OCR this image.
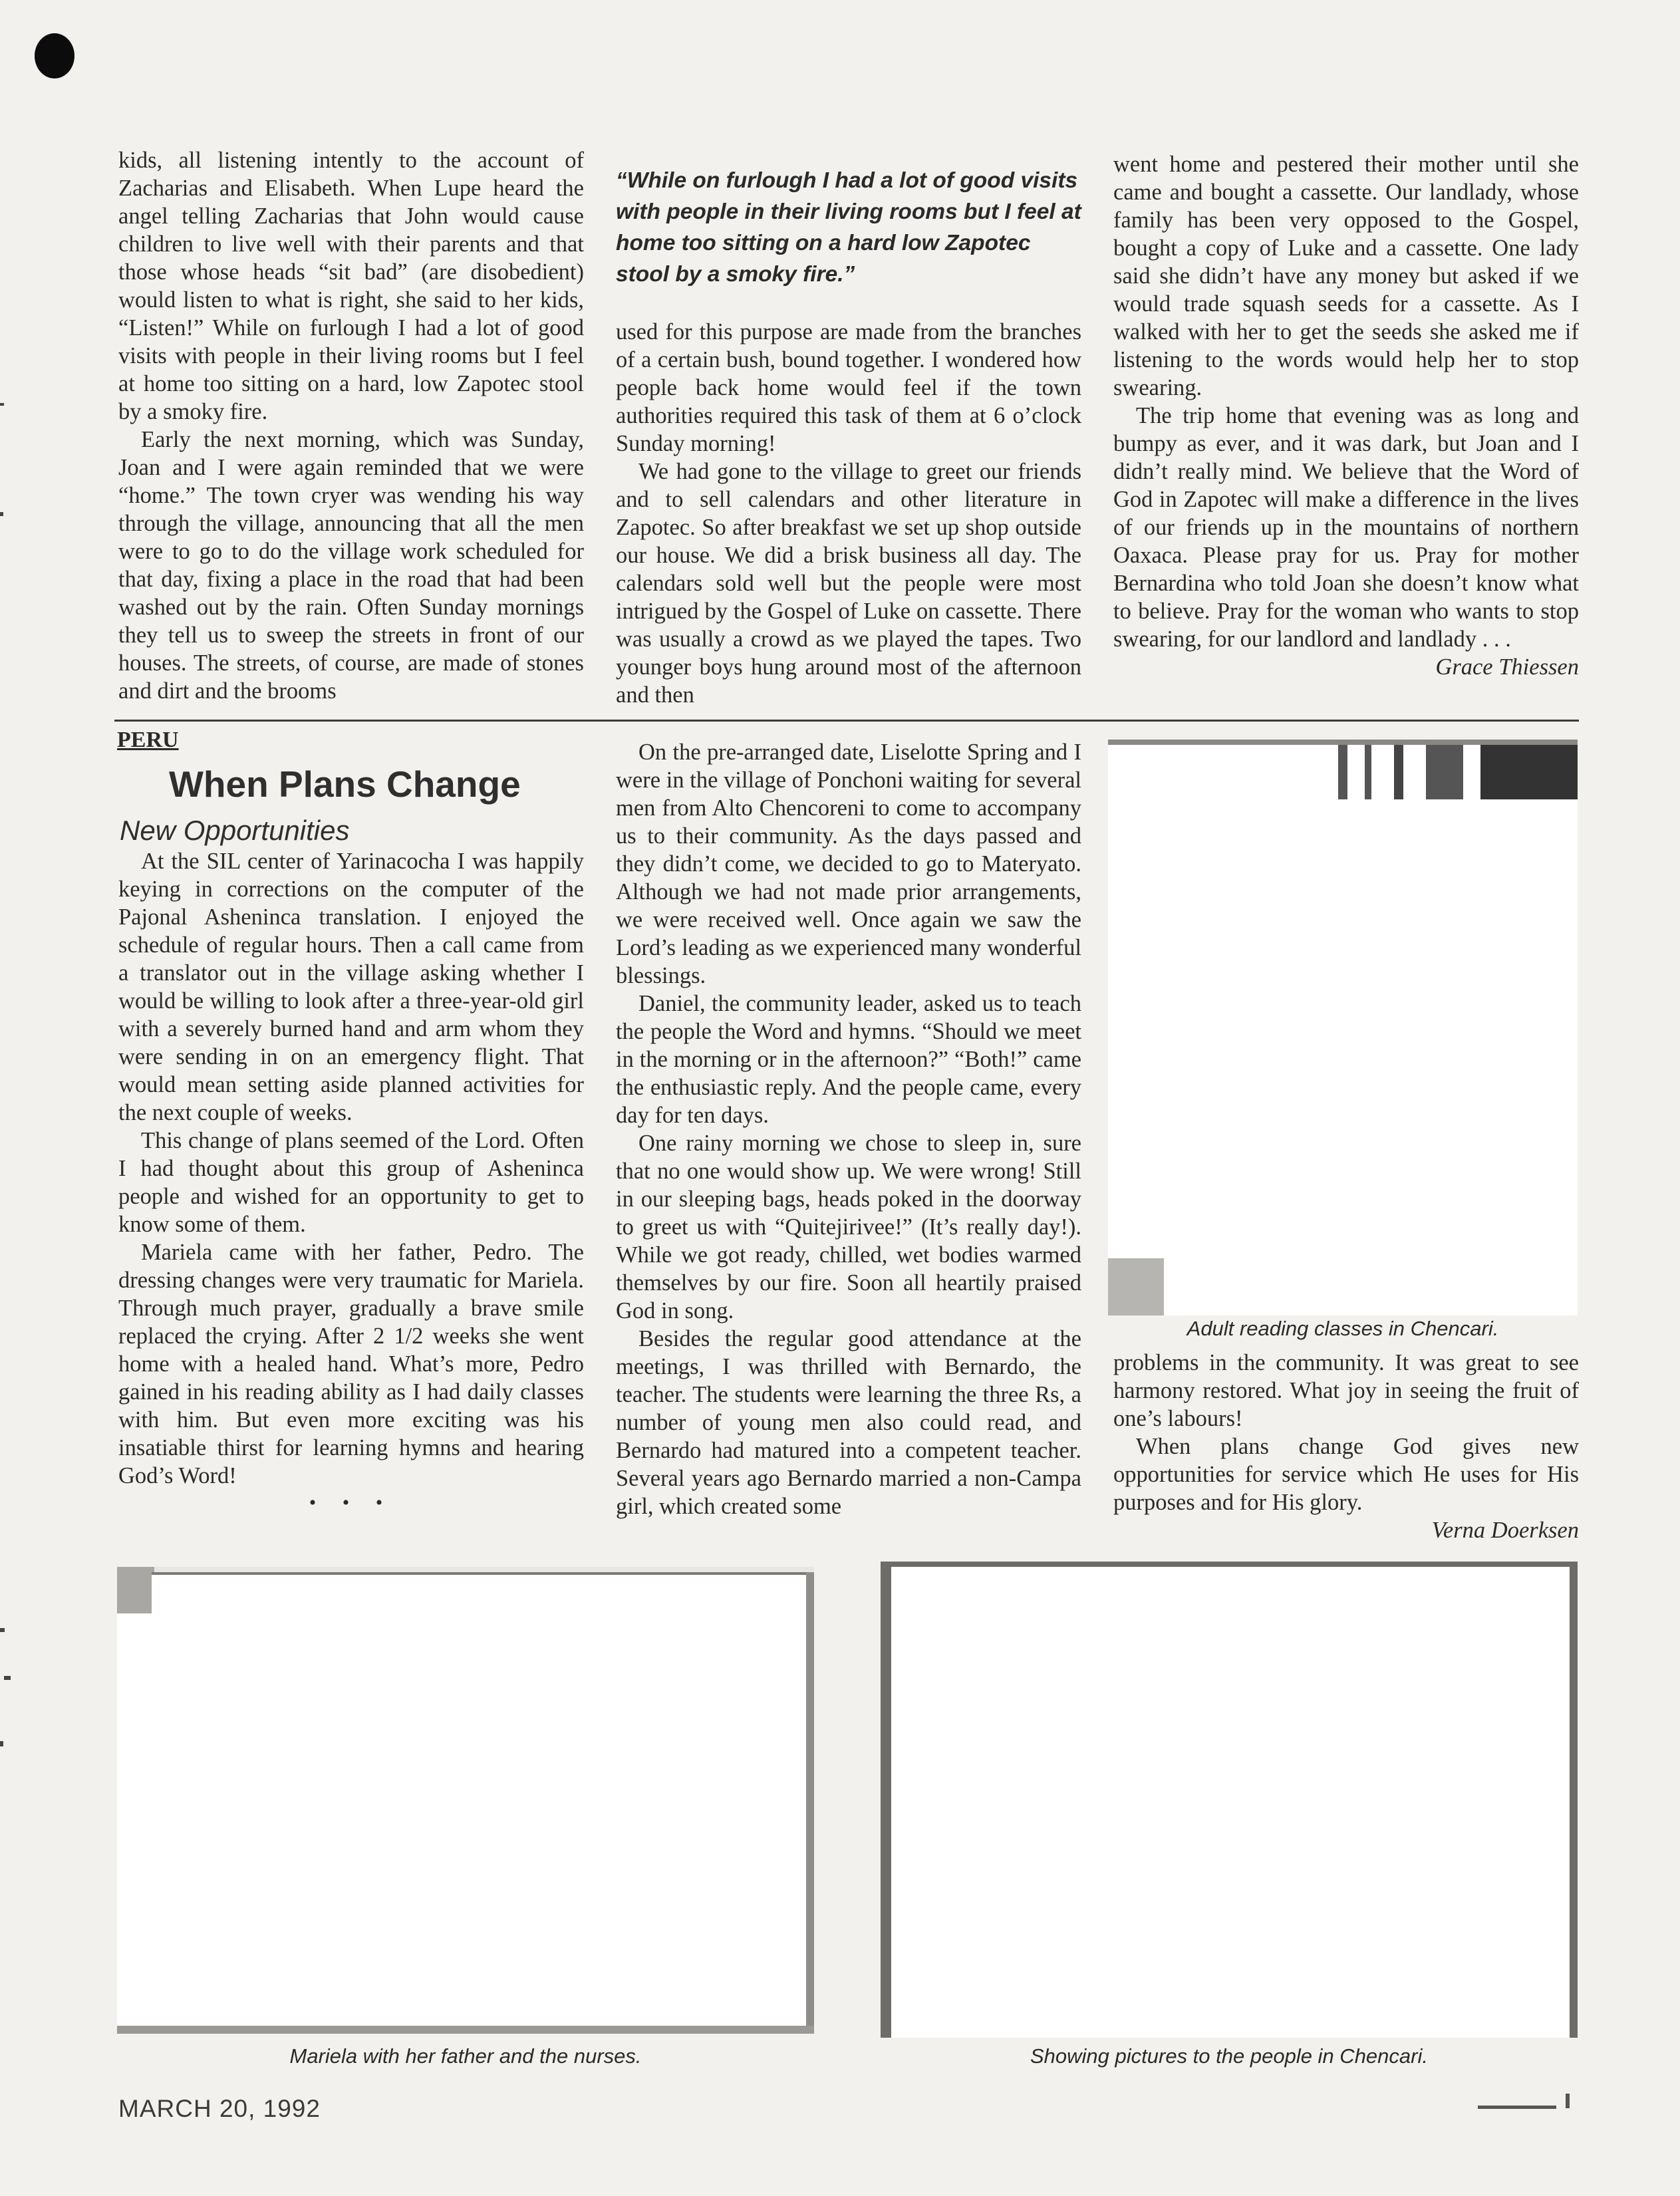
kids, all listening intently to the account of Zacharias and Elisabeth. When Lupe heard the angel telling Zacharias that John would cause children to live well with their parents and that those whose heads “sit bad” (are disobedient) would listen to what is right, she said to her kids, “Listen!” While on furlough I had a lot of good visits with people in their living rooms but I feel at home too sitting on a hard, low Zapotec stool by a smoky fire.

Early the next morning, which was Sunday, Joan and I were again reminded that we were “home.” The town cryer was wending his way through the village, announcing that all the men were to go to do the village work scheduled for that day, fixing a place in the road that had been washed out by the rain. Often Sunday mornings they tell us to sweep the streets in front of our houses. The streets, of course, are made of stones and dirt and the brooms

“While on furlough I had a lot of good visits with people in their living rooms but I feel at home too sitting on a hard low Zapotec stool by a smoky fire.”

used for this purpose are made from the branches of a certain bush, bound together. I wondered how people back home would feel if the town authorities required this task of them at 6 o’clock Sunday morning!

We had gone to the village to greet our friends and to sell calendars and other literature in Zapotec. So after breakfast we set up shop outside our house. We did a brisk business all day. The calendars sold well but the people were most intrigued by the Gospel of Luke on cassette. There was usually a crowd as we played the tapes. Two younger boys hung around most of the afternoon and then

went home and pestered their mother until she came and bought a cassette. Our landlady, whose family has been very opposed to the Gospel, bought a copy of Luke and a cassette. One lady said she didn’t have any money but asked if we would trade squash seeds for a cassette. As I walked with her to get the seeds she asked me if listening to the words would help her to stop swearing.

The trip home that evening was as long and bumpy as ever, and it was dark, but Joan and I didn’t really mind. We believe that the Word of God in Zapotec will make a difference in the lives of our friends up in the mountains of northern Oaxaca. Please pray for us. Pray for mother Bernardina who told Joan she doesn’t know what to believe. Pray for the woman who wants to stop swearing, for our landlord and landlady . . .

Grace Thiessen

PERU

When Plans Change

New Opportunities

At the SIL center of Yarinacocha I was happily keying in corrections on the computer of the Pajonal Asheninca translation. I enjoyed the schedule of regular hours. Then a call came from a translator out in the village asking whether I would be willing to look after a three-year-old girl with a severely burned hand and arm whom they were sending in on an emergency flight. That would mean setting aside planned activities for the next couple of weeks.

This change of plans seemed of the Lord. Often I had thought about this group of Asheninca people and wished for an opportunity to get to know some of them.

Mariela came with her father, Pedro. The dressing changes were very traumatic for Mariela. Through much prayer, gradually a brave smile replaced the crying. After 2 1/2 weeks she went home with a healed hand. What’s more, Pedro gained in his reading ability as I had daily classes with him. But even more exciting was his insatiable thirst for learning hymns and hearing God’s Word!

• • •

On the pre-arranged date, Liselotte Spring and I were in the village of Ponchoni waiting for several men from Alto Chencoreni to come to accompany us to their community. As the days passed and they didn’t come, we decided to go to Materyato. Although we had not made prior arrangements, we were received well. Once again we saw the Lord’s leading as we experienced many wonderful blessings.

Daniel, the community leader, asked us to teach the people the Word and hymns. “Should we meet in the morning or in the afternoon?” “Both!” came the enthusiastic reply. And the people came, every day for ten days.

One rainy morning we chose to sleep in, sure that no one would show up. We were wrong! Still in our sleeping bags, heads poked in the doorway to greet us with “Quitejirivee!” (It’s really day!). While we got ready, chilled, wet bodies warmed themselves by our fire. Soon all heartily praised God in song.

Besides the regular good attendance at the meetings, I was thrilled with Bernardo, the teacher. The students were learning the three Rs, a number of young men also could read, and Bernardo had matured into a competent teacher. Several years ago Bernardo married a non-Campa girl, which created some

Adult reading classes in Chencari.

problems in the community. It was great to see harmony restored. What joy in seeing the fruit of one’s labours!

When plans change God gives new opportunities for service which He uses for His purposes and for His glory.

Verna Doerksen

Mariela with her father and the nurses.	Showing pictures to the people in Chencari.

MARCH 20, 1992
